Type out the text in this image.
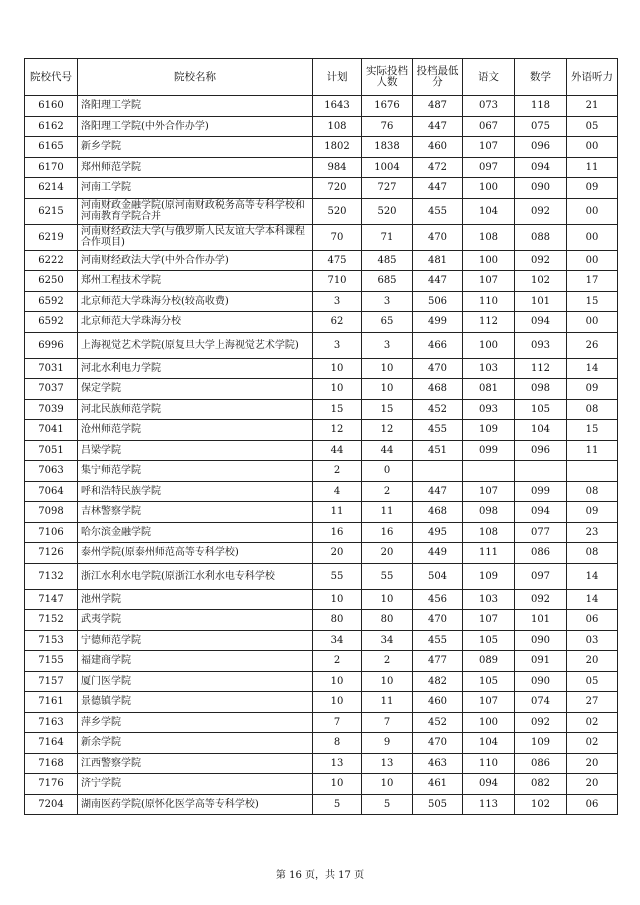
院校代号	院校名称	计划	实际投档人数	投档最低分	语文	数学	外语听力
6160	洛阳理工学院	1643	1676	487	073	118	21
6162	洛阳理工学院(中外合作办学)	108	76	447	067	075	05
6165	新乡学院	1802	1838	460	107	096	00
6170	郑州师范学院	984	1004	472	097	094	11
6214	河南工学院	720	727	447	100	090	09
6215	河南财政金融学院(原河南财政税务高等专科学校和河南教育学院合并	520	520	455	104	092	00
6219	河南财经政法大学(与俄罗斯人民友谊大学本科课程合作项目)	70	71	470	108	088	00
6222	河南财经政法大学(中外合作办学)	475	485	481	100	092	00
6250	郑州工程技术学院	710	685	447	107	102	17
6592	北京师范大学珠海分校(较高收费)	3	3	506	110	101	15
6592	北京师范大学珠海分校	62	65	499	112	094	00
6996	上海视觉艺术学院(原复旦大学上海视觉艺术学院)	3	3	466	100	093	26
7031	河北水利电力学院	10	10	470	103	112	14
7037	保定学院	10	10	468	081	098	09
7039	河北民族师范学院	15	15	452	093	105	08
7041	沧州师范学院	12	12	455	109	104	15
7051	吕梁学院	44	44	451	099	096	11
7063	集宁师范学院	2	0				
7064	呼和浩特民族学院	4	2	447	107	099	08
7098	吉林警察学院	11	11	468	098	094	09
7106	哈尔滨金融学院	16	16	495	108	077	23
7126	泰州学院(原泰州师范高等专科学校)	20	20	449	111	086	08
7132	浙江水利水电学院(原浙江水利水电专科学校	55	55	504	109	097	14
7147	池州学院	10	10	456	103	092	14
7152	武夷学院	80	80	470	107	101	06
7153	宁德师范学院	34	34	455	105	090	03
7155	福建商学院	2	2	477	089	091	20
7157	厦门医学院	10	10	482	105	090	05
7161	景德镇学院	10	11	460	107	074	27
7163	萍乡学院	7	7	452	100	092	02
7164	新余学院	8	9	470	104	109	02
7168	江西警察学院	13	13	463	110	086	20
7176	济宁学院	10	10	461	094	082	20
7204	湖南医药学院(原怀化医学高等专科学校)	5	5	505	113	102	06
第 16 页，共 17 页
